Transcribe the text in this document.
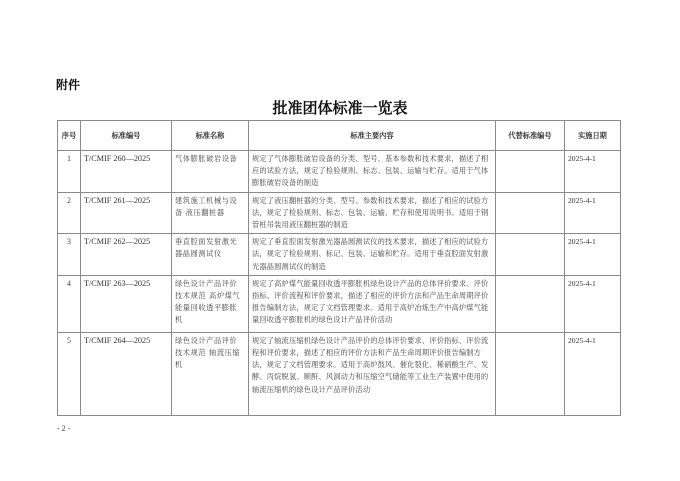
附件
批准团体标准一览表
序号	标准编号	标准名称	标准主要内容	代替标准编号	实施日期
1	T/CMIF 260—2025	气体膨胀破岩设备	规定了气体膨胀破岩设备的分类、型号、基本参数和技术要求，描述了相应的试验方法，规定了检验规则、标志、包装、运输与贮存。适用于气体膨胀破岩设备的制造		2025-4-1
2	T/CMIF 261—2025	建筑施工机械与设备 液压翻桩器	规定了液压翻桩器的分类、型号、参数和技术要求，描述了相应的试验方法，规定了检验规则、标志、包装、运输、贮存和使用说明书。适用于钢管桩吊装用液压翻桩器的制造		2025-4-1
3	T/CMIF 262—2025	垂直腔面发射激光器晶圆测试仪	规定了垂直腔面发射激光器晶圆测试仪的技术要求，描述了相应的试验方法，规定了检验规则、标记、包装、运输和贮存。适用于垂直腔面发射激光器晶圆测试仪的制造		2025-4-1
4	T/CMIF 263—2025	绿色设计产品评价技术规范 高炉煤气能量回收透平膨胀机	规定了高炉煤气能量回收透平膨胀机绿色设计产品的总体评价要求、评价指标、评价流程和评价要求，描述了相应的评价方法和产品生命周期评价报告编制方法，规定了文档管理要求。适用于高炉冶炼生产中高炉煤气能量回收透平膨胀机的绿色设计产品评价活动		2025-4-1
5	T/CMIF 264—2025	绿色设计产品评价技术规范 轴流压缩机	规定了轴流压缩机绿色设计产品评价的总体评价要求、评价指标、评价流程和评价要求，描述了相应的评价方法和产品生命周期评价报告编制方法，规定了文档管理要求。适用于高炉鼓风、催化裂化、稀硝酸生产、发酵、丙烷脱氢、顺酐、风洞动力和压缩空气储能等工业生产装置中使用的轴流压缩机的绿色设计产品评价活动		2025-4-1
- 2 -
